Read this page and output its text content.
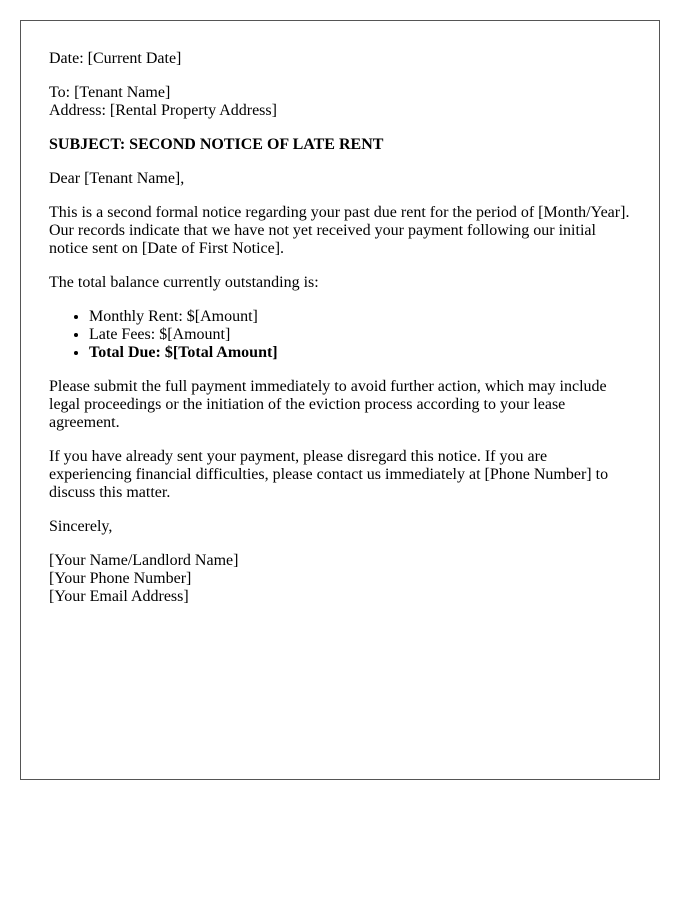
Date: [Current Date]

To: [Tenant Name]
Address: [Rental Property Address]

SUBJECT: SECOND NOTICE OF LATE RENT

Dear [Tenant Name],

This is a second formal notice regarding your past due rent for the period of [Month/Year]. Our records indicate that we have not yet received your payment following our initial notice sent on [Date of First Notice].

The total balance currently outstanding is:

• Monthly Rent: $[Amount]
• Late Fees: $[Amount]
• Total Due: $[Total Amount]

Please submit the full payment immediately to avoid further action, which may include legal proceedings or the initiation of the eviction process according to your lease agreement.

If you have already sent your payment, please disregard this notice. If you are experiencing financial difficulties, please contact us immediately at [Phone Number] to discuss this matter.

Sincerely,

[Your Name/Landlord Name]
[Your Phone Number]
[Your Email Address]
